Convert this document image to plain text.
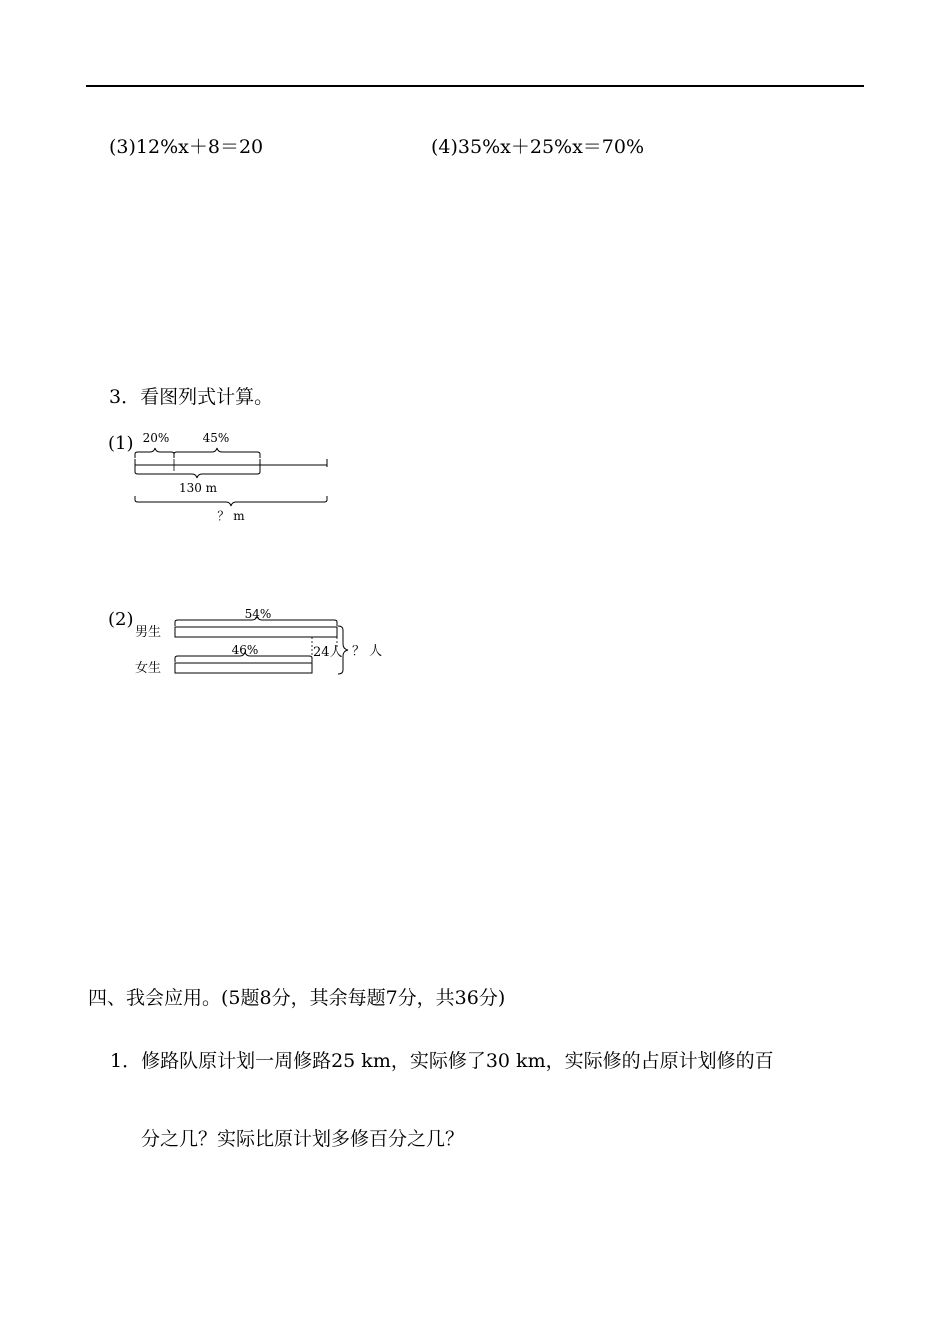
(3)12%x＋8＝20	(4)35%x＋25%x＝70%
3．看图列式计算。
(1) 20%	45%
130 m
？ m
(2)
男生
女生
54%
46%	24人 ？ 人
四、我会应用。(5题8分，其余每题7分，共36分)
1．修路队原计划一周修路25 km，实际修了30 km，实际修的占原计划修的百
分之几？实际比原计划多修百分之几？
